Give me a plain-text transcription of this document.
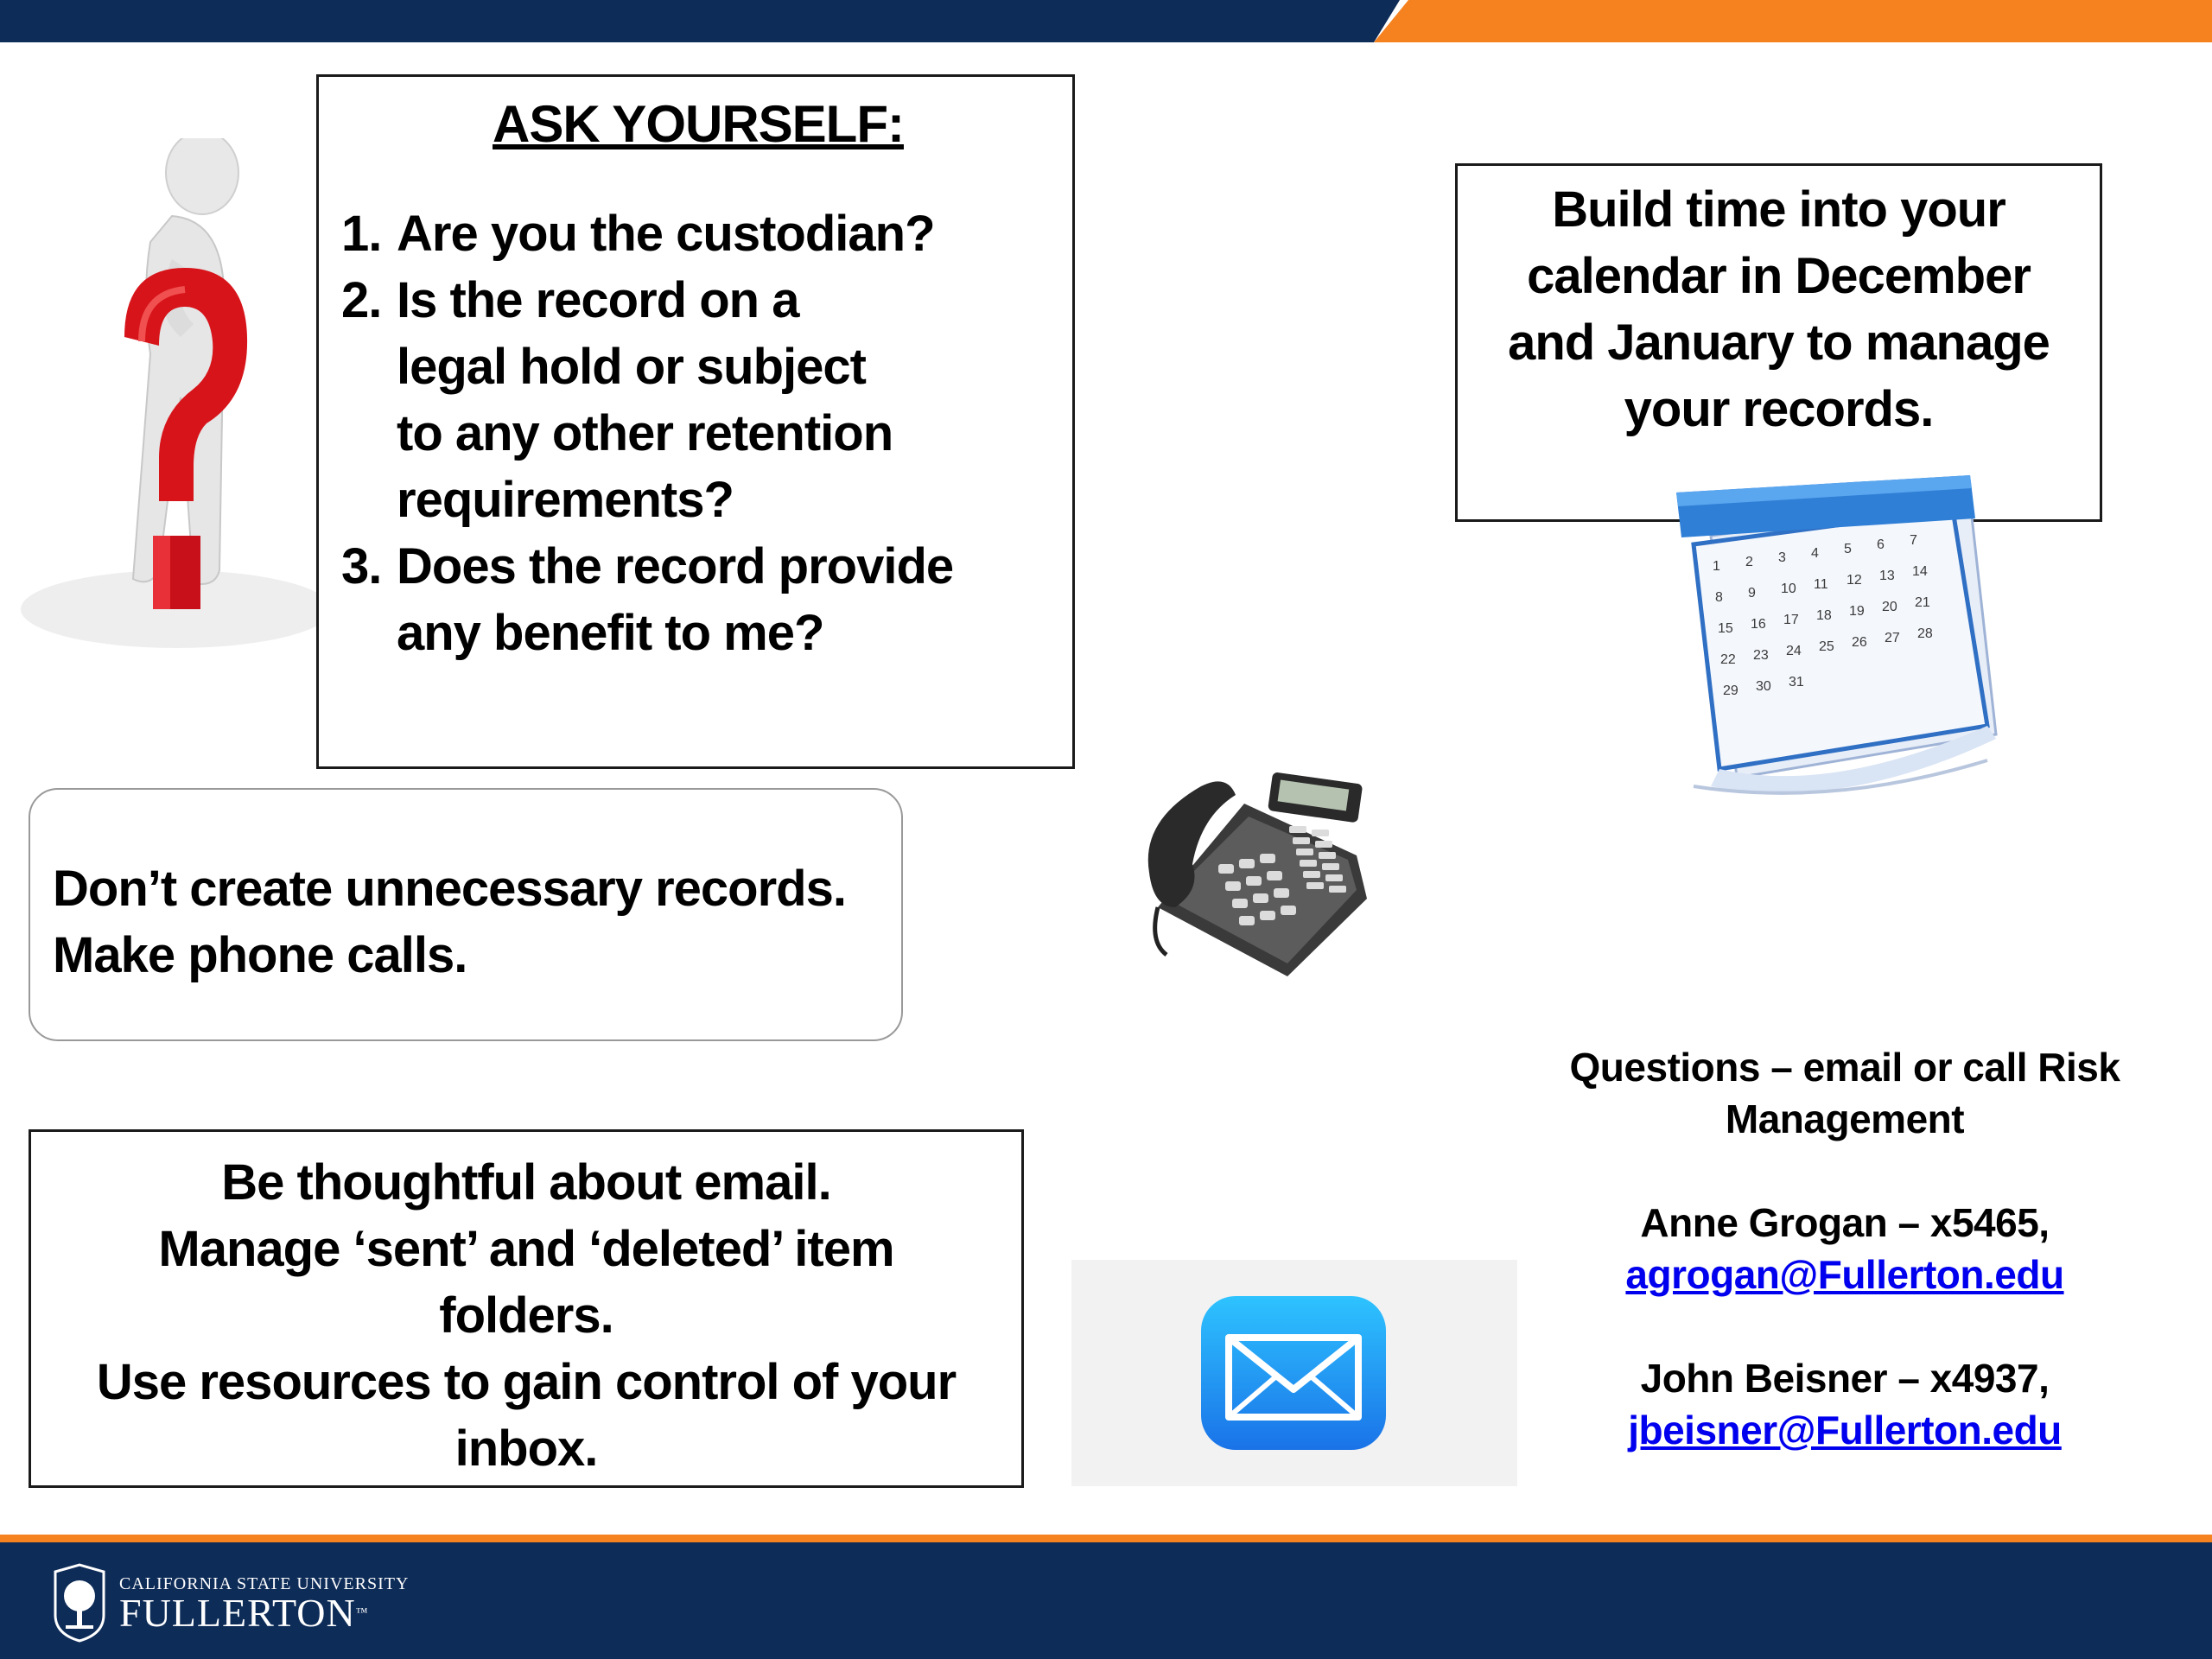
ASK YOURSELF:
1. Are you the custodian?
2. Is the record on a legal hold or subject to any other retention requirements?
3. Does the record provide any benefit to me?
Build time into your
calendar in December
and January to manage
your records.
1 2 3 4 5 6 7
8 9 10 11 12 13 14
15 16 17 18 19 20 21
22 23 24 25 26 27 28
29 30 31
Don’t create unnecessary records.
Make phone calls.
Be thoughtful about email.
Manage ‘sent’ and ‘deleted’ item
folders.
Use resources to gain control of your
inbox.
Questions – email or call Risk
Management
Anne Grogan – x5465,
agrogan@Fullerton.edu
John Beisner – x4937,
jbeisner@Fullerton.edu
CALIFORNIA STATE UNIVERSITY
FULLERTON™
